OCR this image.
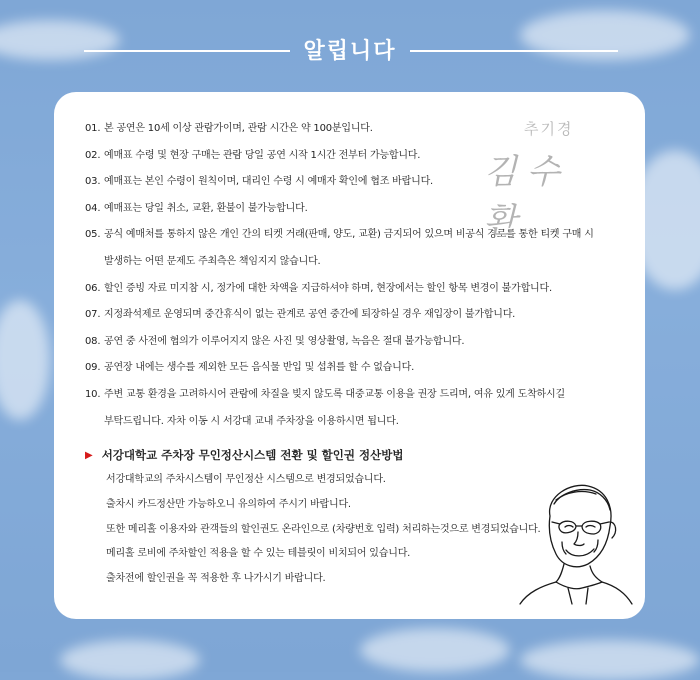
알립니다
01. 본 공연은 10세 이상 관람가이며, 관람 시간은 약 100분입니다.
02. 예매표 수령 및 현장 구매는 관람 당일 공연 시작 1시간 전부터 가능합니다.
03. 예매표는 본인 수령이 원칙이며, 대리인 수령 시 예매자 확인에 협조 바랍니다.
04. 예매표는 당일 취소, 교환, 환불이 불가능합니다.
05. 공식 예매처를 통하지 않은 개인 간의 티켓 거래(판매, 양도, 교환) 금지되어 있으며 비공식 경로를 통한 티켓 구매 시
발생하는 어떤 문제도 주최측은 책임지지 않습니다.
06. 할인 증빙 자료 미지참 시, 정가에 대한 차액을 지급하셔야 하며, 현장에서는 할인 항목 변경이 불가합니다.
07. 지정좌석제로 운영되며 중간휴식이 없는 관계로 공연 중간에 퇴장하실 경우 재입장이 불가합니다.
08. 공연 중 사전에 협의가 이루어지지 않은 사진 및 영상촬영, 녹음은 절대 불가능합니다.
09. 공연장 내에는 생수를 제외한 모든 음식물 반입 및 섭취를 할 수 없습니다.
10. 주변 교통 환경을 고려하시어 관람에 차질을 빚지 않도록 대중교통 이용을 권장 드리며, 여유 있게 도착하시길
부탁드립니다. 자차 이동 시 서강대 교내 주차장을 이용하시면 됩니다.
추기경
김수환
▶ 서강대학교 주차장 무인정산시스템 전환 및 할인권 정산방법
서강대학교의 주차시스템이 무인정산 시스템으로 변경되었습니다.
출차시 카드정산만 가능하오니 유의하여 주시기 바랍니다.
또한 메리홀 이용자와 관객들의 할인권도 온라인으로 (차량번호 입력) 처리하는것으로 변경되었습니다.
메리홀 로비에 주차할인 적용을 할 수 있는 테블릿이 비치되어 있습니다.
출차전에 할인권을 꼭 적용한 후 나가시기 바랍니다.
